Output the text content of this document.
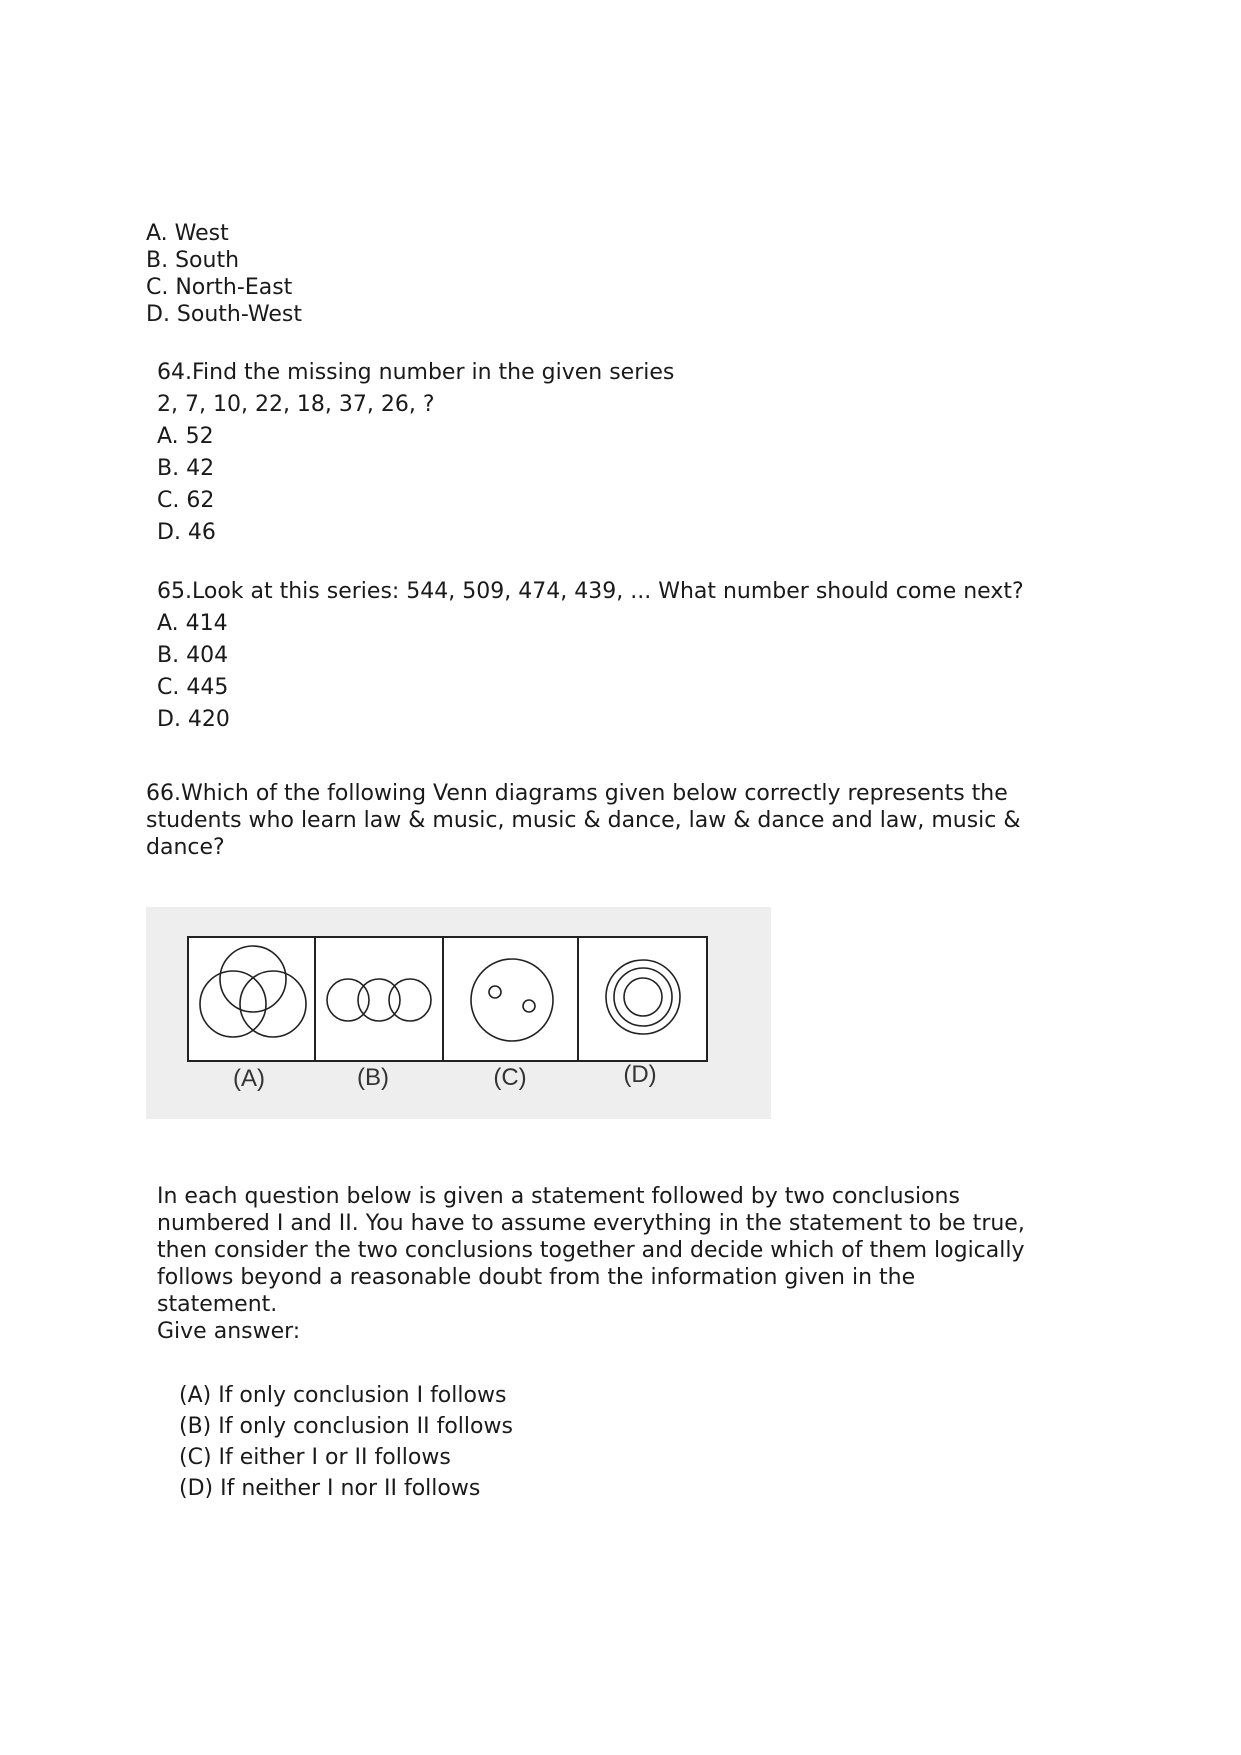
A. West
B. South
C. North-East
D. South-West
64.Find the missing number in the given series
2, 7, 10, 22, 18, 37, 26, ?
A. 52
B. 42
C. 62
D. 46
65.Look at this series: 544, 509, 474, 439, ... What number should come next?
A. 414
B. 404
C. 445
D. 420
66.Which of the following Venn diagrams given below correctly represents the students who learn law & music, music & dance, law & dance and law, music & dance?
(A)	(B)	(C)	(D)
In each question below is given a statement followed by two conclusions numbered I and II. You have to assume everything in the statement to be true, then consider the two conclusions together and decide which of them logically follows beyond a reasonable doubt from the information given in the statement.
Give answer:
(A) If only conclusion I follows
(B) If only conclusion II follows
(C) If either I or II follows
(D) If neither I nor II follows
